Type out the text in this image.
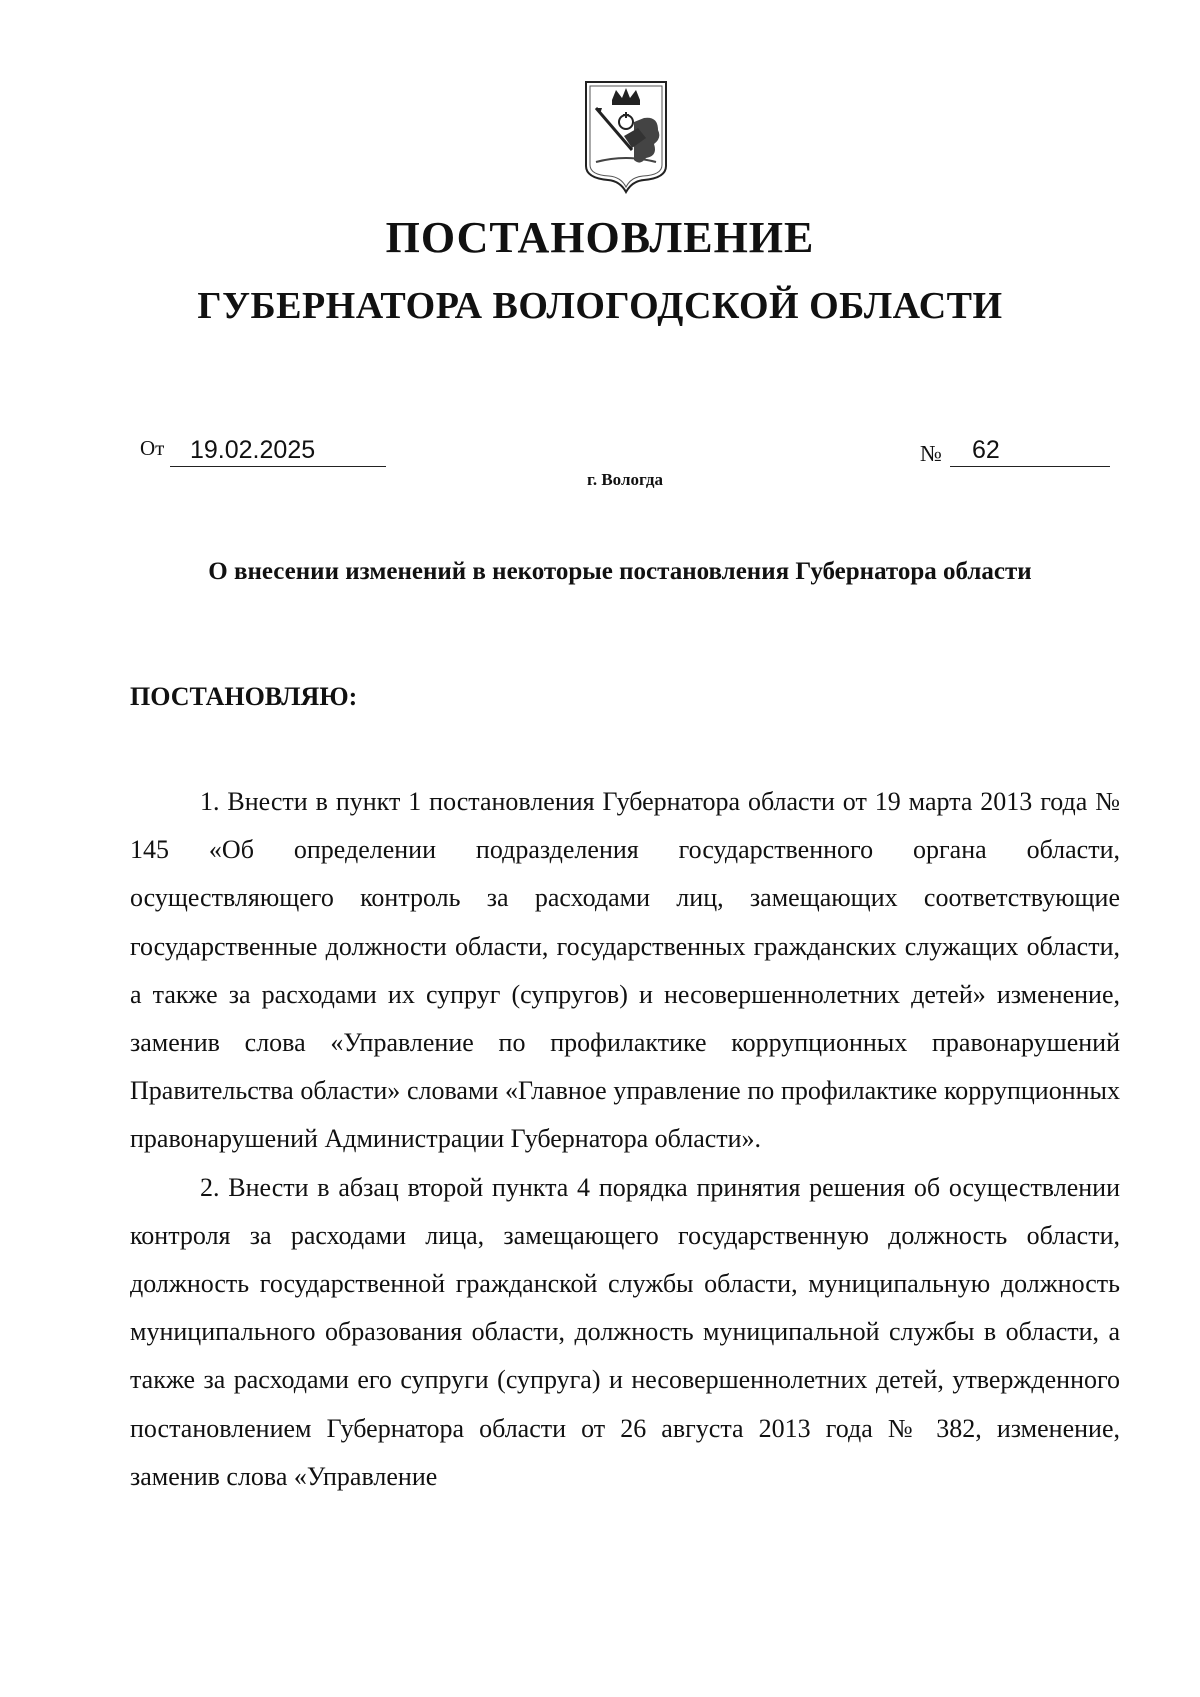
ПОСТАНОВЛЕНИЕ
ГУБЕРНАТОРА ВОЛОГОДСКОЙ ОБЛАСТИ
От 19.02.2025	№ 62
г. Вологда
О внесении изменений в некоторые постановления Губернатора области
ПОСТАНОВЛЯЮ:

1. Внести в пункт 1 постановления Губернатора области от 19 марта 2013 года № 145 «Об определении подразделения государственного органа области, осуществляющего контроль за расходами лиц, замещающих соответствующие государственные должности области, государственных гражданских служащих области, а также за расходами их супруг (супругов) и несовершеннолетних детей» изменение, заменив слова «Управление по профилактике коррупционных правонарушений Правительства области» словами «Главное управление по профилактике коррупционных правонарушений Администрации Губернатора области».

2. Внести в абзац второй пункта 4 порядка принятия решения об осуществлении контроля за расходами лица, замещающего государственную должность области, должность государственной гражданской службы области, муниципальную должность муниципального образования области, должность муниципальной службы в области, а также за расходами его супруги (супруга) и несовершеннолетних детей, утвержденного постановлением Губернатора области от 26 августа 2013 года № 382, изменение, заменив слова «Управление
